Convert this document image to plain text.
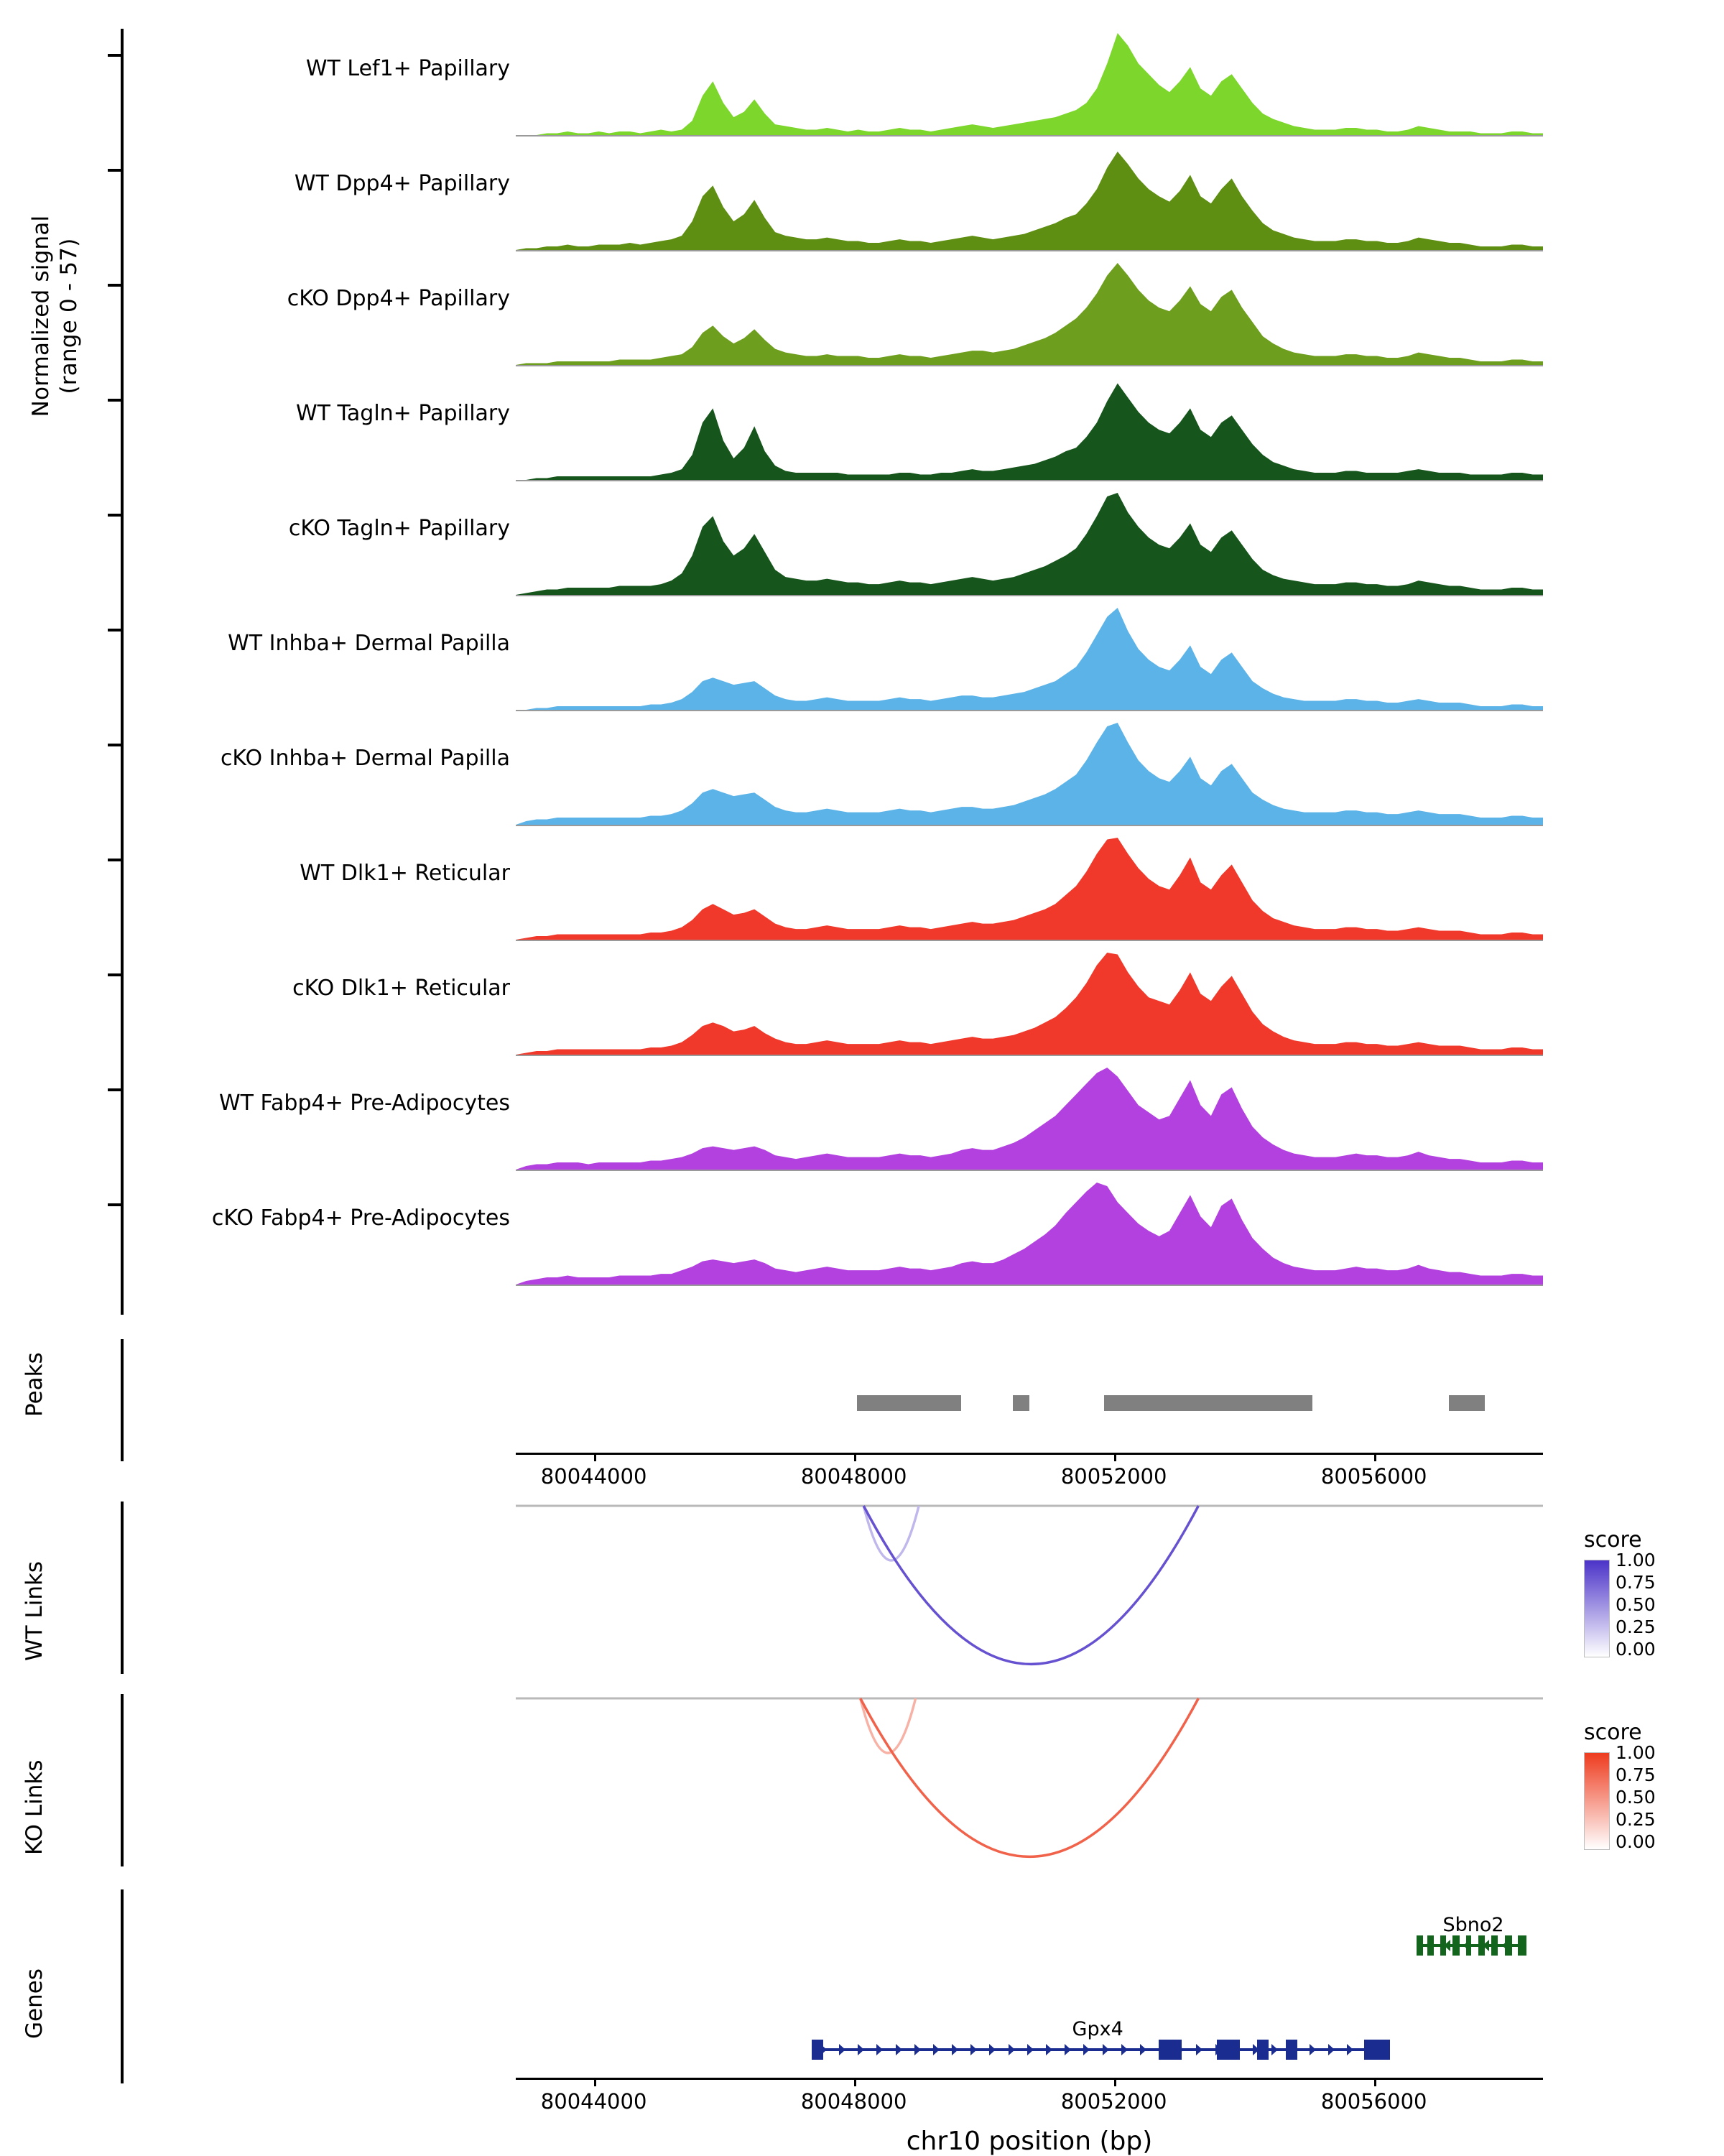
Normalized signal
(range 0 - 57)
WT Lef1+ Papillary
WT Dpp4+ Papillary
cKO Dpp4+ Papillary
WT Tagln+ Papillary
cKO Tagln+ Papillary
WT Inhba+ Dermal Papilla
cKO Inhba+ Dermal Papilla
WT Dlk1+ Reticular
cKO Dlk1+ Reticular
WT Fabp4+ Pre-Adipocytes
cKO Fabp4+ Pre-Adipocytes
Peaks
80044000	80048000	80052000	80056000
WT Links
score
1.00
0.75
0.50
0.25
0.00
KO Links
score
1.00
0.75
0.50
0.25
0.00
Genes
Sbno2
Gpx4
80044000	80048000	80052000	80056000
chr10 position (bp)
